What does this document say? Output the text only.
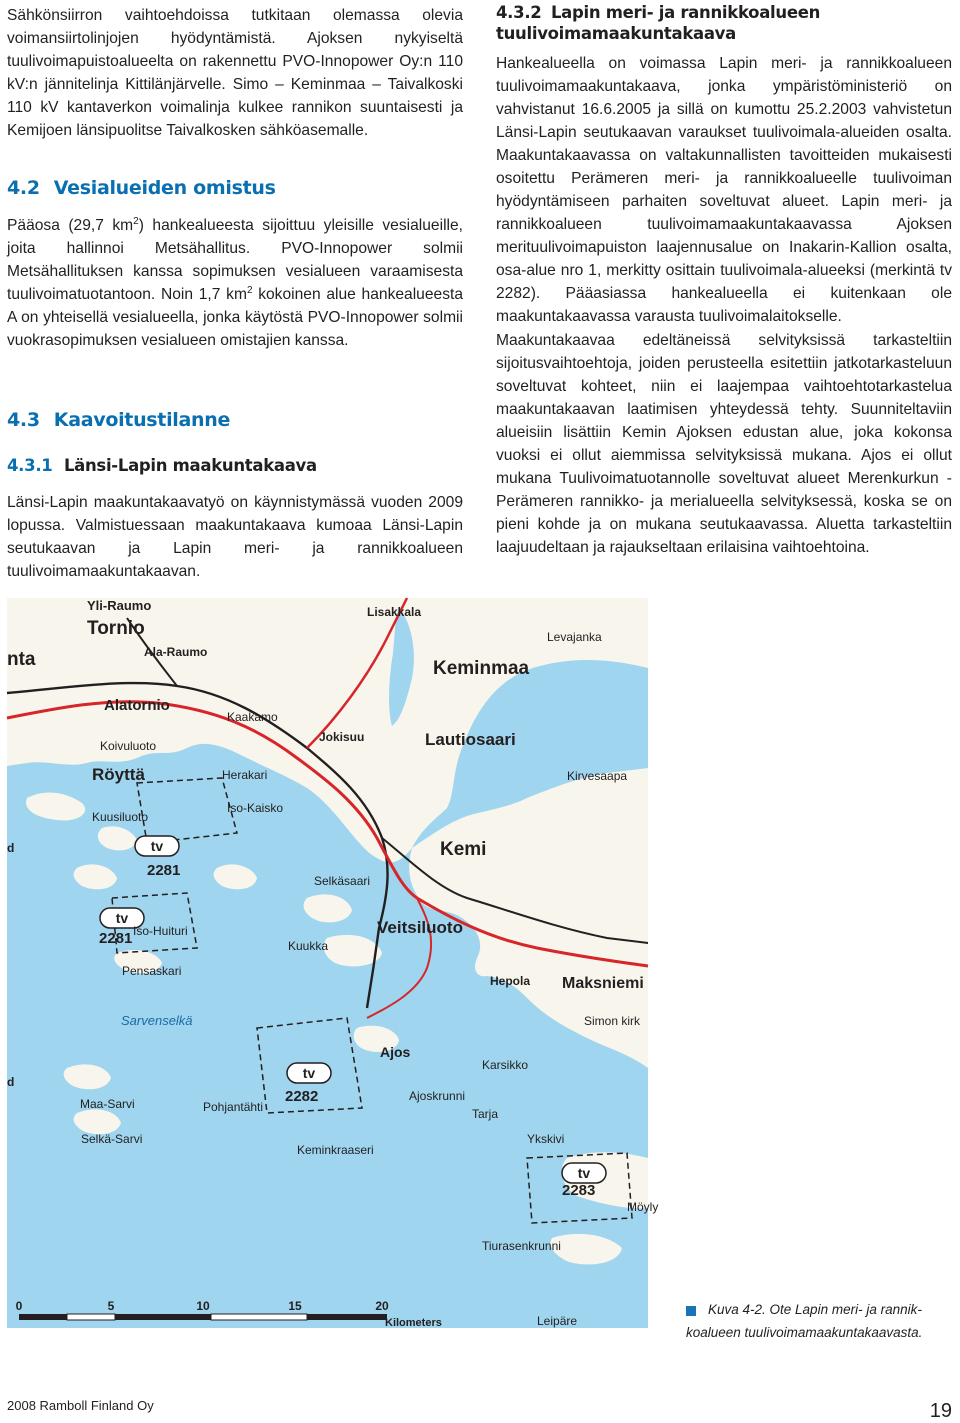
Sähkönsiirron vaihtoehdoissa tutkitaan olemassa olevia voimansiirtolinjojen hyödyntämistä. Ajoksen nykyiseltä tuulivoimapuistoalueelta on rakennettu PVO-Innopower Oy:n 110 kV:n jännitelinja Kittilänjärvelle. Simo – Keminmaa – Taivalkoski 110 kV kantaverkon voimalinja kulkee rannikon suuntaisesti ja Kemijoen länsipuolitse Taivalkosken sähköasemalle.

4.2 Vesialueiden omistus

Pääosa (29,7 $km^2$) hankealueesta sijoittuu yleisille vesialueille, joita hallinnoi Metsähallitus. PVO-Innopower solmii Metsähallituksen kanssa sopimuksen vesialueen varaamisesta tuulivoimatuotantoon. Noin 1,7 $km^2$ kokoinen alue hankealueesta A on yhteisellä vesialueella, jonka käytöstä PVO-Innopower solmii vuokrasopimuksen vesialueen omistajien kanssa.

4.3 Kaavoitustilanne
4.3.1 Länsi-Lapin maakuntakaava

Länsi-Lapin maakuntakaavatyö on käynnistymässä vuoden 2009 lopussa. Valmistuessaan maakuntakaava kumoaa Länsi-Lapin seutukaavan ja Lapin meri- ja rannikkoalueen tuulivoimamaakuntakaavan.

4.3.2 Lapin meri- ja rannikkoalueen tuulivoimamaakuntakaava

Hankealueella on voimassa Lapin meri- ja rannikkoalueen tuulivoimamaakuntakaava, jonka ympäristöministeriö on vahvistanut 16.6.2005 ja sillä on kumottu 25.2.2003 vahvistetun Länsi-Lapin seutukaavan varaukset tuulivoimala-alueiden osalta. Maakuntakaavassa on valtakunnallisten tavoitteiden mukaisesti osoitettu Perämeren meri- ja rannikkoalueelle tuulivoiman hyödyntämiseen parhaiten soveltuvat alueet. Lapin meri- ja rannikkoalueen tuulivoimamaakuntakaavassa Ajoksen merituulivoimapuiston laajennusalue on Inakarin-Kallion osalta, osa-alue nro 1, merkitty osittain tuulivoimala-alueeksi (merkintä tv 2282). Pääasiassa hankealueella ei kuitenkaan ole maakuntakaavassa varausta tuulivoimalaitokselle.

Maakuntakaavaa edeltäneissä selvityksissä tarkasteltiin sijoitusvaihtoehtoja, joiden perusteella esitettiin jatkotarkasteluun soveltuvat kohteet, niin ei laajempaa vaihtoehtotarkastelua maakuntakaavan laatimisen yhteydessä tehty. Suunniteltaviin alueisiin lisättiin Kemin Ajoksen edustan alue, joka kokonsa vuoksi ei ollut aiemmissa selvityksissä mukana. Ajos ei ollut mukana Tuulivoimatuotannolle soveltuvat alueet Merenkurkun - Perämeren rannikko- ja merialueella selvityksessä, koska se on pieni kohde ja on mukana seutukaavassa. Aluetta tarkasteltiin laajuudeltaan ja rajaukseltaan erilaisina vaihtoehtoina.

tv
2281
tv
2281
tv
2282
tv
2283
Yli-Raumo
Tornio
Lisakkala
Ala-Raumo
nta
Levajanka
Keminmaa
Alatornio
Kaakamo
Jokisuu	Lautiosaari
Koivuluoto
Röyttä	Herakari	Kirvesaapa
Kuusiluoto
Iso-Kaisko
Kemi
Selkäsaari
Iso-Huituri	Veitsiluoto
Kuukka
Maksniemi
Pensaskari
Hepola
Sarvenselkä	Simon kirk
Ajos
Karsikko
Maa-Sarvi	Pohjantähti
Ajoskrunni
Tarja
Selkä-Sarvi
Keminkraaseri
Ykskivi
Tiurasenkrunni
Möyly
Leipäre
d
d
0	5	10	15	20
Kilometers

Kuva 4-2. Ote Lapin meri- ja rannik-

koalueen tuulivoimamaakuntakaavasta.

2008 Ramboll Finland Oy	19
